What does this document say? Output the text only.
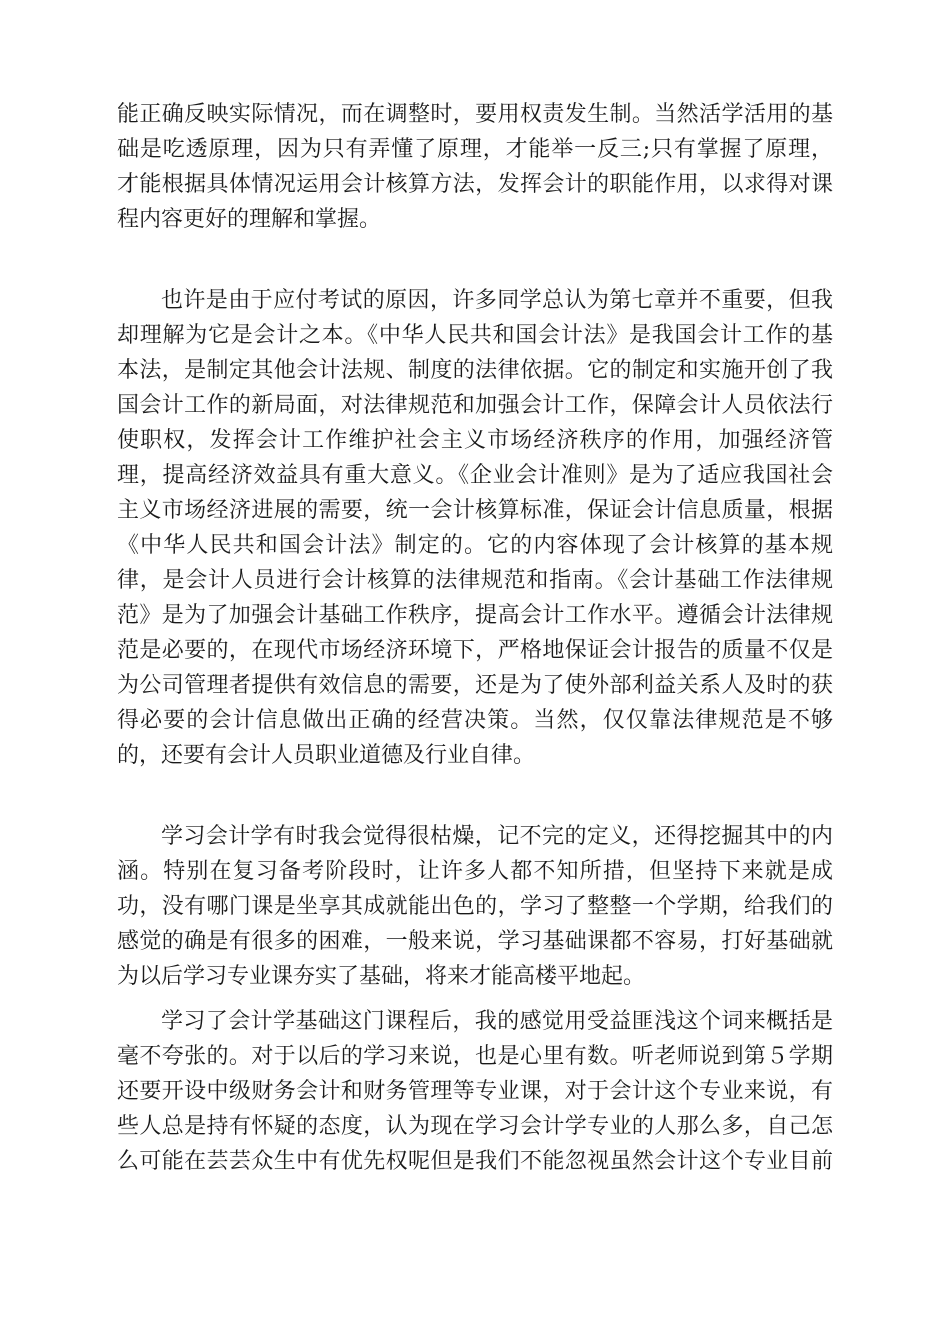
能正确反映实际情况，而在调整时，要用权责发生制。当然活学活用的基
础是吃透原理，因为只有弄懂了原理，才能举一反三;只有掌握了原理，
才能根据具体情况运用会计核算方法，发挥会计的职能作用，以求得对课
程内容更好的理解和掌握。
也许是由于应付考试的原因，许多同学总认为第七章并不重要，但我
却理解为它是会计之本。《中华人民共和国会计法》是我国会计工作的基
本法，是制定其他会计法规、制度的法律依据。它的制定和实施开创了我
国会计工作的新局面，对法律规范和加强会计工作，保障会计人员依法行
使职权，发挥会计工作维护社会主义市场经济秩序的作用，加强经济管
理，提高经济效益具有重大意义。《企业会计准则》是为了适应我国社会
主义市场经济进展的需要，统一会计核算标准，保证会计信息质量，根据
《中华人民共和国会计法》制定的。它的内容体现了会计核算的基本规
律，是会计人员进行会计核算的法律规范和指南。《会计基础工作法律规
范》是为了加强会计基础工作秩序，提高会计工作水平。遵循会计法律规
范是必要的，在现代市场经济环境下，严格地保证会计报告的质量不仅是
为公司管理者提供有效信息的需要，还是为了使外部利益关系人及时的获
得必要的会计信息做出正确的经营决策。当然，仅仅靠法律规范是不够
的，还要有会计人员职业道德及行业自律。
学习会计学有时我会觉得很枯燥，记不完的定义，还得挖掘其中的内
涵。特别在复习备考阶段时，让许多人都不知所措，但坚持下来就是成
功，没有哪门课是坐享其成就能出色的，学习了整整一个学期，给我们的
感觉的确是有很多的困难，一般来说，学习基础课都不容易，打好基础就
为以后学习专业课夯实了基础，将来才能高楼平地起。
学习了会计学基础这门课程后，我的感觉用受益匪浅这个词来概括是
毫不夸张的。对于以后的学习来说，也是心里有数。听老师说到第５学期
还要开设中级财务会计和财务管理等专业课，对于会计这个专业来说，有
些人总是持有怀疑的态度，认为现在学习会计学专业的人那么多，自己怎
么可能在芸芸众生中有优先权呢但是我们不能忽视虽然会计这个专业目前
